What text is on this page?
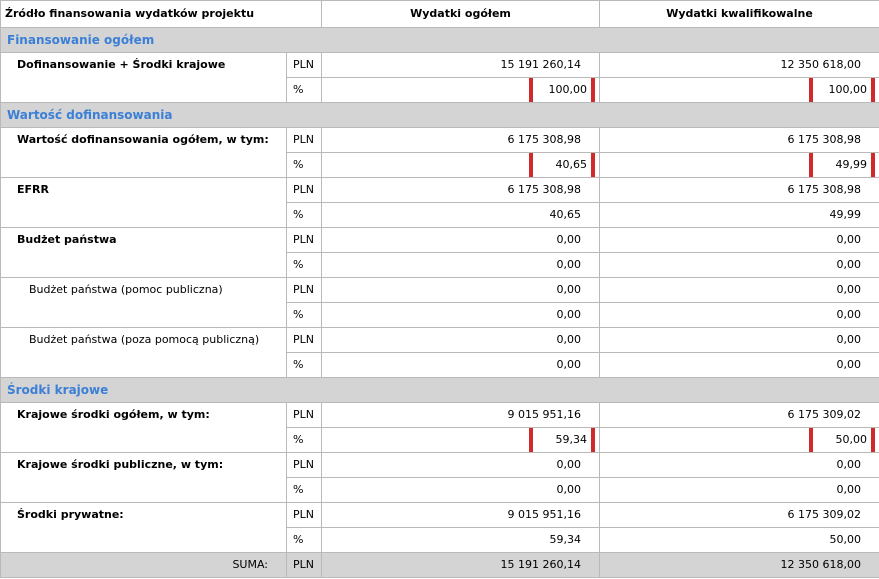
Źródło finansowania wydatków projektu		Wydatki ogółem	Wydatki kwalifikowalne
Finansowanie ogółem			
Dofinansowanie + Środki krajowe	PLN	15 191 260,14	12 350 618,00
	%	100,00	100,00

Wartość dofinansowania			
Wartość dofinansowania ogółem, w tym:	PLN	6 175 308,98	6 175 308,98
	%	40,65	49,99

EFRR	PLN	6 175 308,98	6 175 308,98
	%	40,65	49,99
Budżet państwa	PLN	0,00	0,00
	%	0,00	0,00
Budżet państwa (pomoc publiczna)	PLN	0,00	0,00
	%	0,00	0,00
Budżet państwa (poza pomocą publiczną)	PLN	0,00	0,00
	%	0,00	0,00
Środki krajowe			
Krajowe środki ogółem, w tym:	PLN	9 015 951,16	6 175 309,02
	%	59,34	50,00

Krajowe środki publiczne, w tym:	PLN	0,00	0,00
	%	0,00	0,00
Środki prywatne:	PLN	9 015 951,16	6 175 309,02
	%	59,34	50,00
SUMA:	PLN	15 191 260,14	12 350 618,00
